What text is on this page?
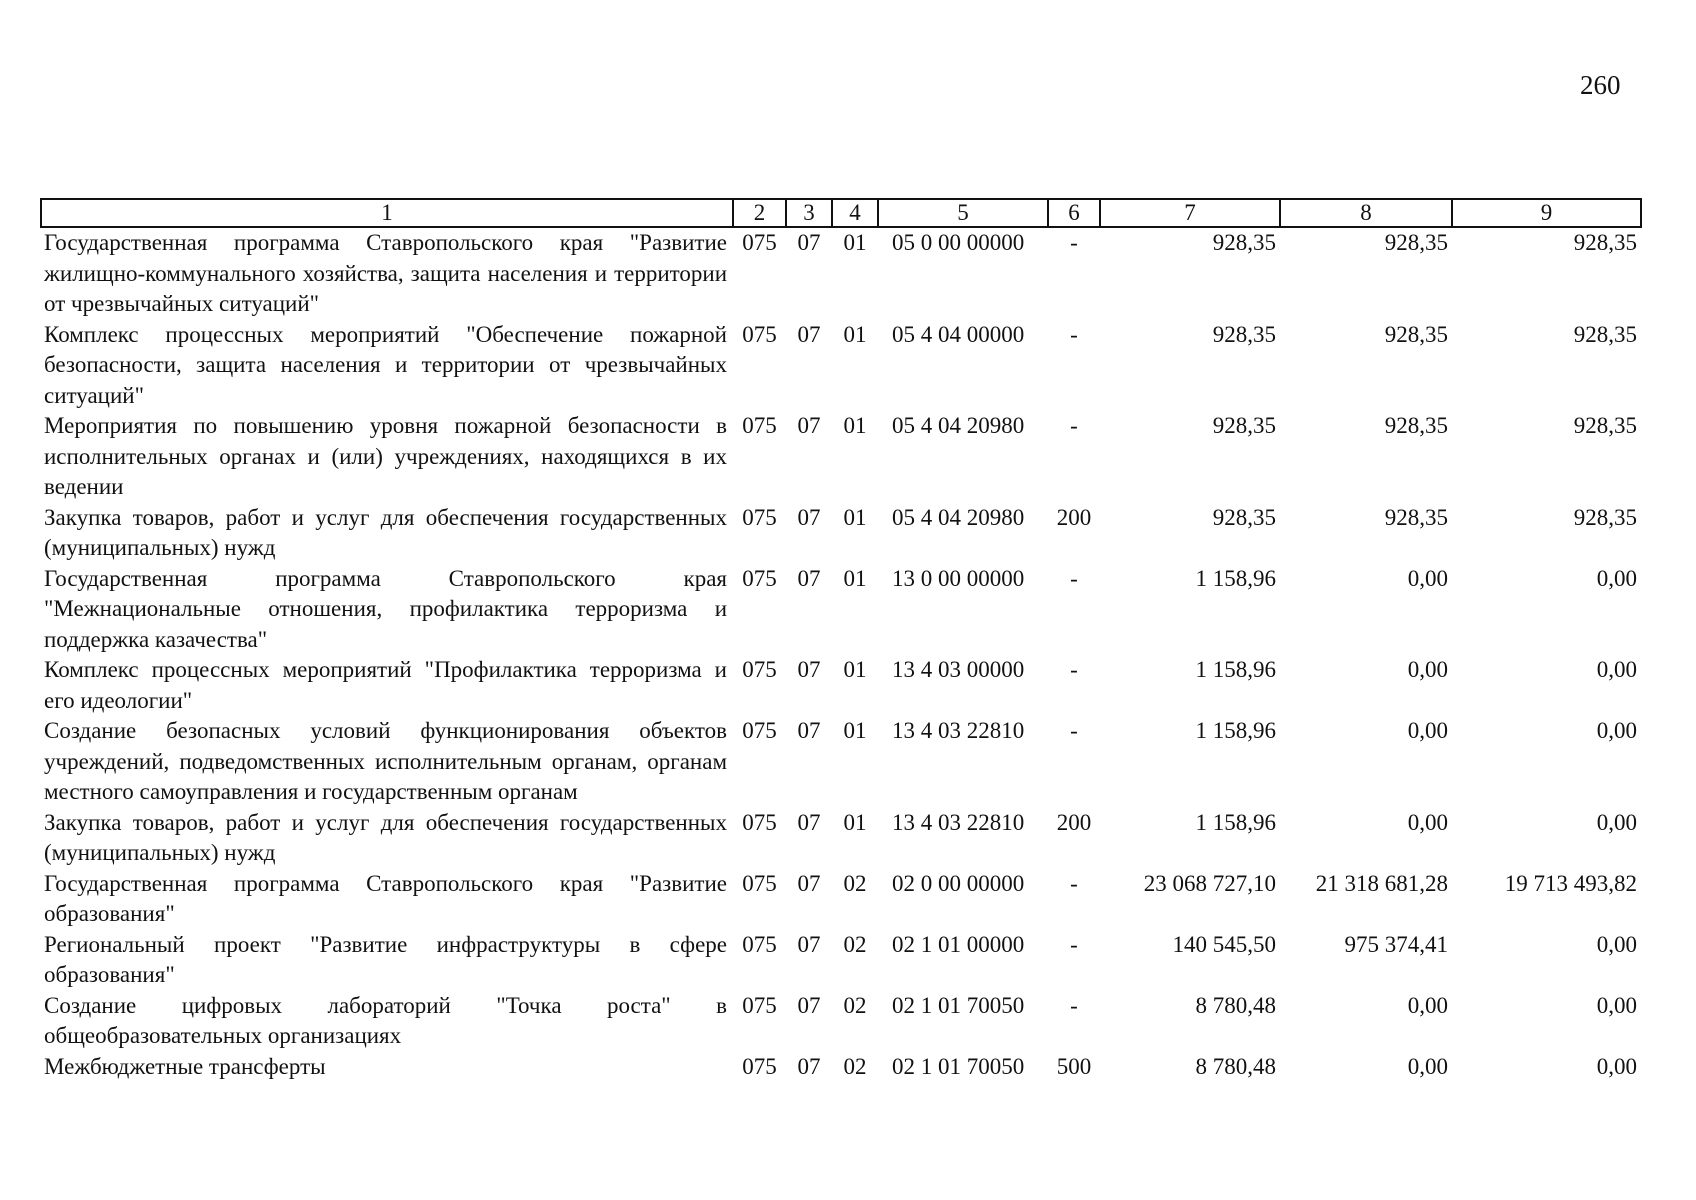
260
1	2	3	4	5	6	7	8	9
Государственная программа Ставропольского края "Развитие жилищно-коммунального хозяйства, защита населения и территории от чрезвычайных ситуаций"	075	07	01	05 0 00 00000	-	928,35	928,35	928,35
Комплекс процессных мероприятий "Обеспечение пожарной безопасности, защита населения и территории от чрезвычайных ситуаций"	075	07	01	05 4 04 00000	-	928,35	928,35	928,35
Мероприятия по повышению уровня пожарной безопасности в исполнительных органах и (или) учреждениях, находящихся в их ведении	075	07	01	05 4 04 20980	-	928,35	928,35	928,35
Закупка товаров, работ и услуг для обеспечения государственных (муниципальных) нужд	075	07	01	05 4 04 20980	200	928,35	928,35	928,35
Государственная программа Ставропольского края "Межнациональные отношения, профилактика терроризма и поддержка казачества"	075	07	01	13 0 00 00000	-	1 158,96	0,00	0,00
Комплекс процессных мероприятий "Профилактика терроризма и его идеологии"	075	07	01	13 4 03 00000	-	1 158,96	0,00	0,00
Создание безопасных условий функционирования объектов учреждений, подведомственных исполнительным органам, органам местного самоуправления и государственным органам	075	07	01	13 4 03 22810	-	1 158,96	0,00	0,00
Закупка товаров, работ и услуг для обеспечения государственных (муниципальных) нужд	075	07	01	13 4 03 22810	200	1 158,96	0,00	0,00
Государственная программа Ставропольского края "Развитие образования"	075	07	02	02 0 00 00000	-	23 068 727,10	21 318 681,28	19 713 493,82
Региональный проект "Развитие инфраструктуры в сфере образования"	075	07	02	02 1 01 00000	-	140 545,50	975 374,41	0,00
Создание цифровых лабораторий "Точка роста" в общеобразовательных организациях	075	07	02	02 1 01 70050	-	8 780,48	0,00	0,00
Межбюджетные трансферты	075	07	02	02 1 01 70050	500	8 780,48	0,00	0,00
